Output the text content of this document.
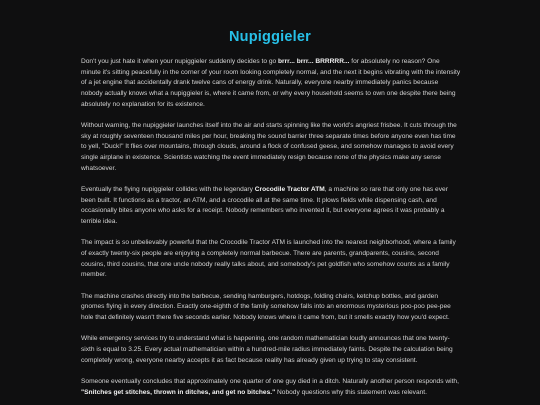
Nupiggieler

Don't you just hate it when your nupiggieler suddenly decides to go brrr... brrr... BRRRRR... for absolutely no reason? One minute it's sitting peacefully in the corner of your room looking completely normal, and the next it begins vibrating with the intensity of a jet engine that accidentally drank twelve cans of energy drink. Naturally, everyone nearby immediately panics because nobody actually knows what a nupiggieler is, where it came from, or why every household seems to own one despite there being absolutely no explanation for its existence.

Without warning, the nupiggieler launches itself into the air and starts spinning like the world's angriest frisbee. It cuts through the sky at roughly seventeen thousand miles per hour, breaking the sound barrier three separate times before anyone even has time to yell, "Duck!" It flies over mountains, through clouds, around a flock of confused geese, and somehow manages to avoid every single airplane in existence. Scientists watching the event immediately resign because none of the physics make any sense whatsoever.

Eventually the flying nupiggieler collides with the legendary Crocodile Tractor ATM, a machine so rare that only one has ever been built. It functions as a tractor, an ATM, and a crocodile all at the same time. It plows fields while dispensing cash, and occasionally bites anyone who asks for a receipt. Nobody remembers who invented it, but everyone agrees it was probably a terrible idea.

The impact is so unbelievably powerful that the Crocodile Tractor ATM is launched into the nearest neighborhood, where a family of exactly twenty-six people are enjoying a completely normal barbecue. There are parents, grandparents, cousins, second cousins, third cousins, that one uncle nobody really talks about, and somebody's pet goldfish who somehow counts as a family member.

The machine crashes directly into the barbecue, sending hamburgers, hotdogs, folding chairs, ketchup bottles, and garden gnomes flying in every direction. Exactly one-eighth of the family somehow falls into an enormous mysterious poo-poo pee-pee hole that definitely wasn't there five seconds earlier. Nobody knows where it came from, but it smells exactly how you'd expect.

While emergency services try to understand what is happening, one random mathematician loudly announces that one twenty-sixth is equal to 3.25. Every actual mathematician within a hundred-mile radius immediately faints. Despite the calculation being completely wrong, everyone nearby accepts it as fact because reality has already given up trying to stay consistent.

Someone eventually concludes that approximately one quarter of one guy died in a ditch. Naturally another person responds with, "Snitches get stitches, thrown in ditches, and get no bitches." Nobody questions why this statement was relevant.
